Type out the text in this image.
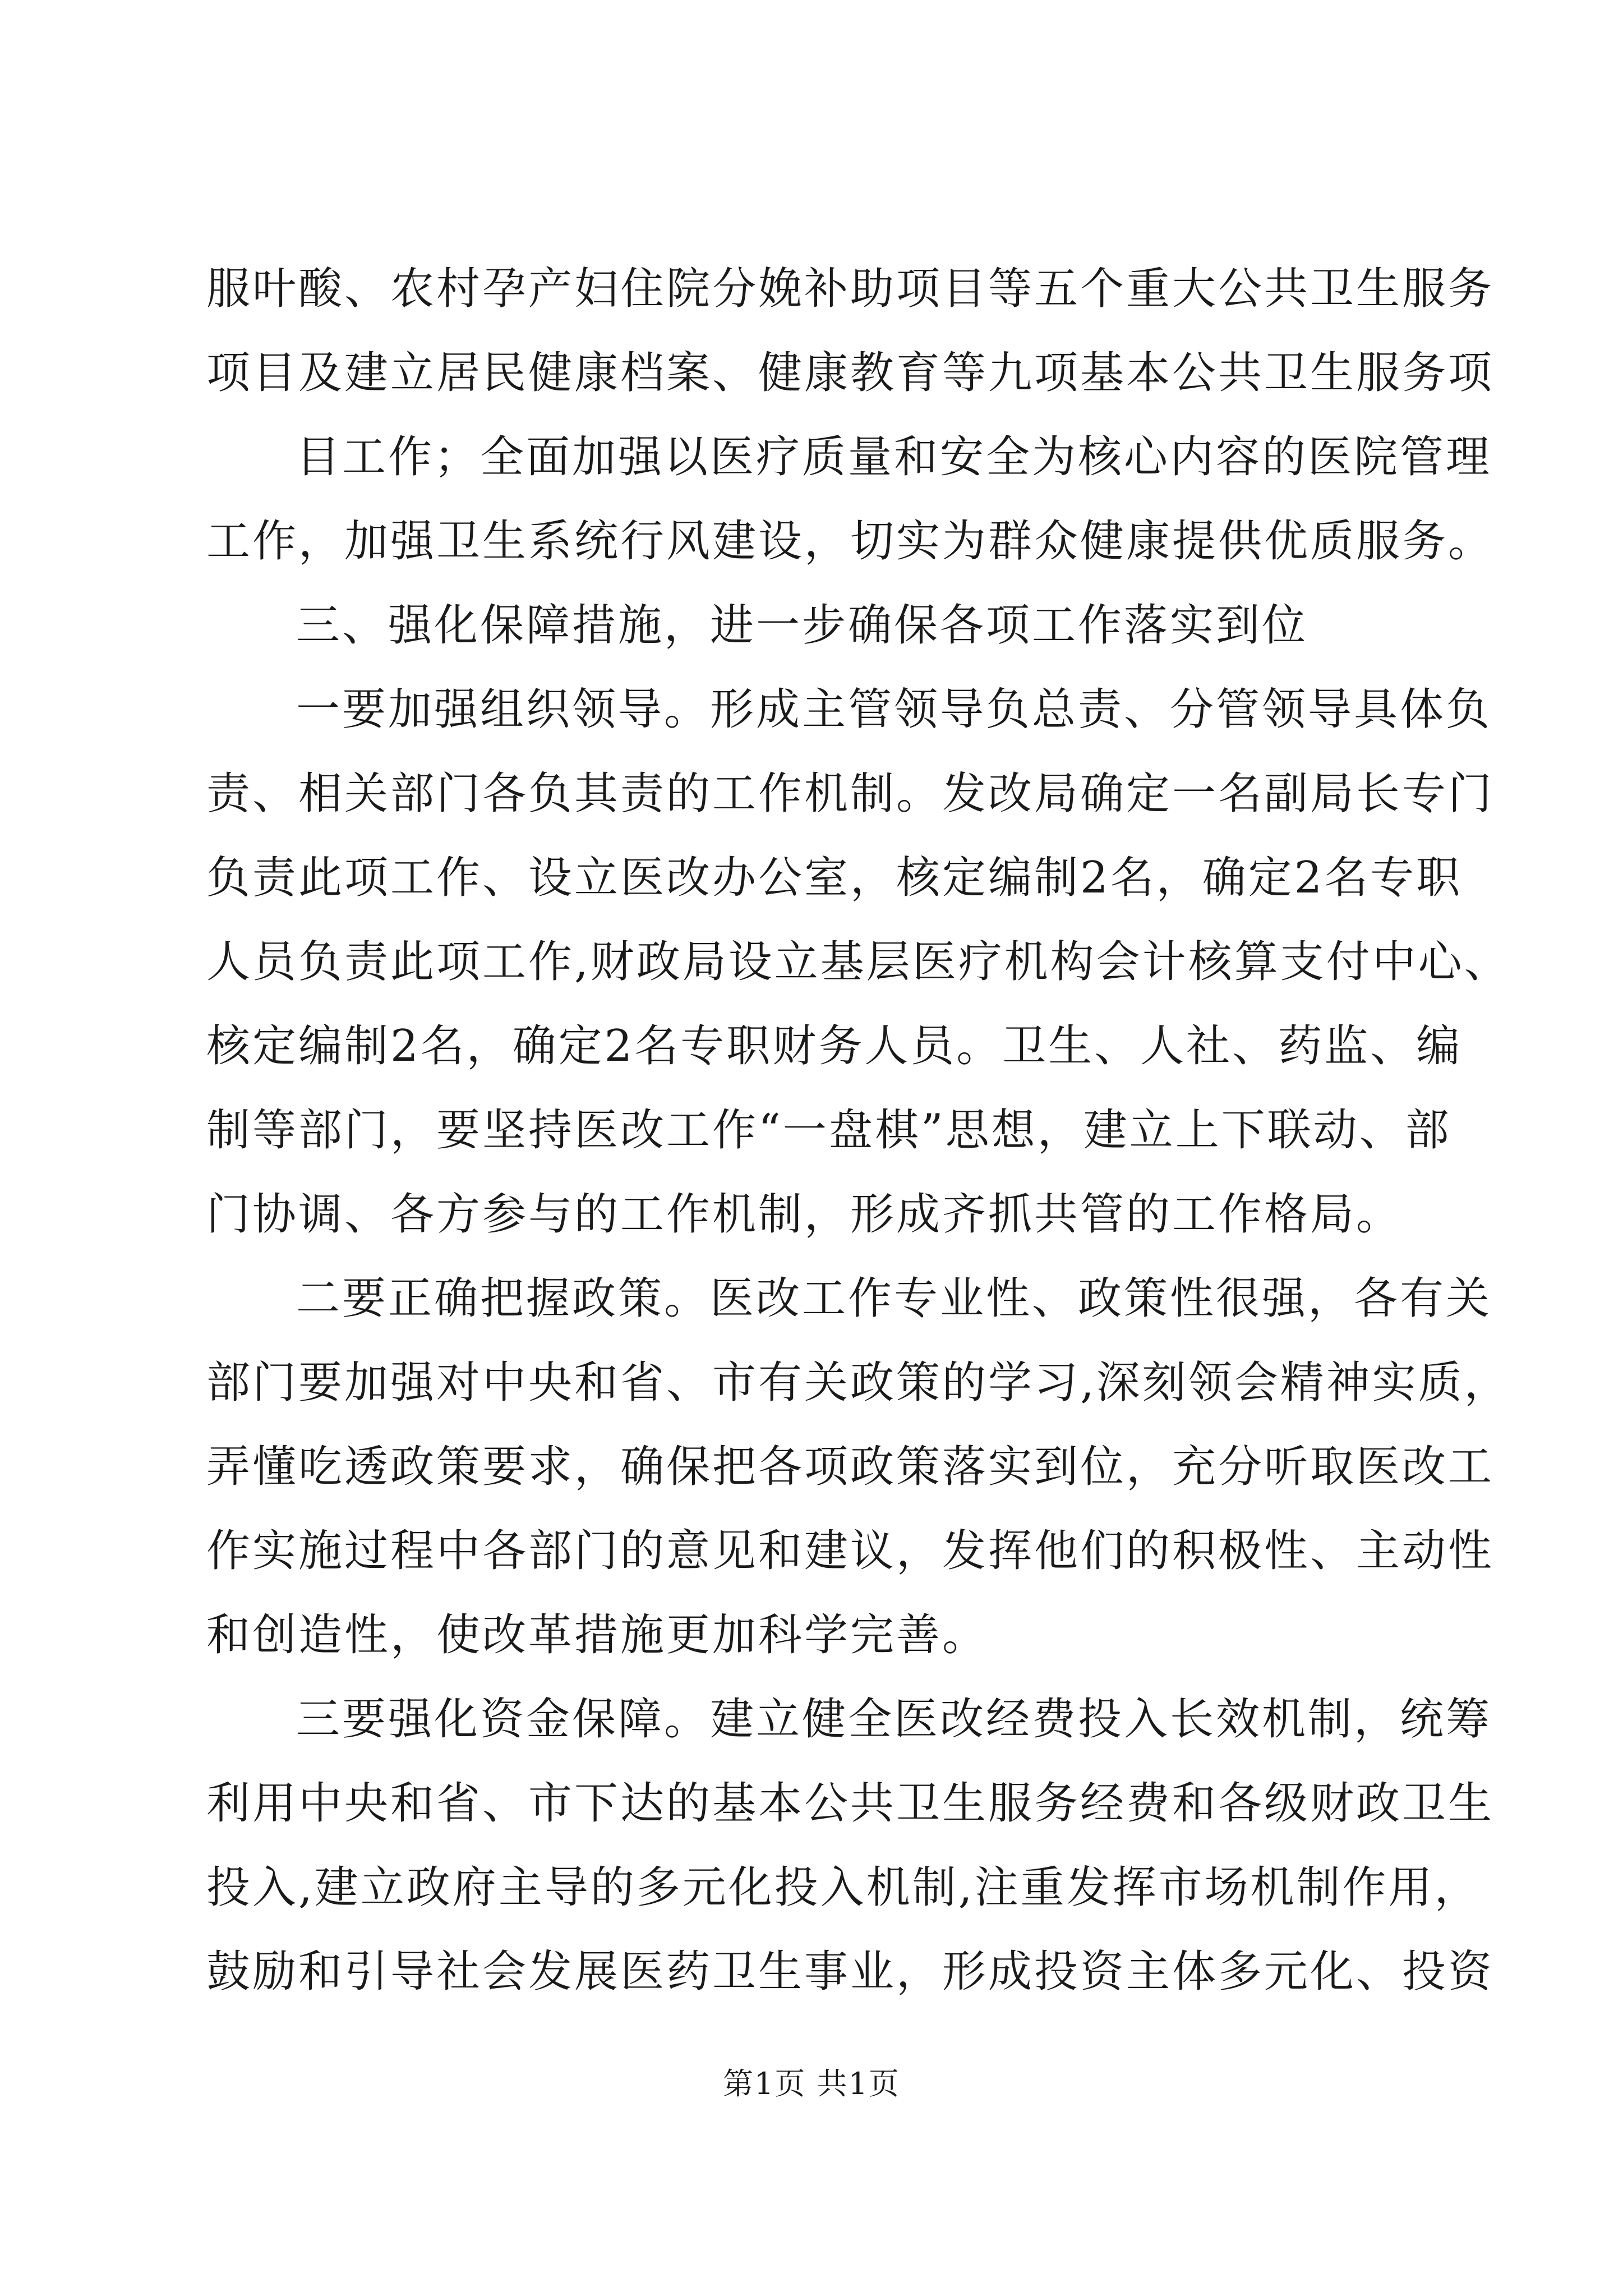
服叶酸、农村孕产妇住院分娩补助项目等五个重大公共卫生服务
项目及建立居民健康档案、健康教育等九项基本公共卫生服务项
目工作；全面加强以医疗质量和安全为核心内容的医院管理
工作，加强卫生系统行风建设，切实为群众健康提供优质服务。
三、强化保障措施，进一步确保各项工作落实到位
一要加强组织领导。形成主管领导负总责、分管领导具体负
责、相关部门各负其责的工作机制。发改局确定一名副局长专门
负责此项工作、设立医改办公室，核定编制2名，确定2名专职
人员负责此项工作,财政局设立基层医疗机构会计核算支付中心、
核定编制2名，确定2名专职财务人员。卫生、人社、药监、编
制等部门，要坚持医改工作“一盘棋”思想，建立上下联动、部
门协调、各方参与的工作机制，形成齐抓共管的工作格局。
二要正确把握政策。医改工作专业性、政策性很强，各有关
部门要加强对中央和省、市有关政策的学习,深刻领会精神实质，
弄懂吃透政策要求，确保把各项政策落实到位，充分听取医改工
作实施过程中各部门的意见和建议，发挥他们的积极性、主动性
和创造性，使改革措施更加科学完善。
三要强化资金保障。建立健全医改经费投入长效机制，统筹
利用中央和省、市下达的基本公共卫生服务经费和各级财政卫生
投入,建立政府主导的多元化投入机制,注重发挥市场机制作用，
鼓励和引导社会发展医药卫生事业，形成投资主体多元化、投资
第1页 共1页
